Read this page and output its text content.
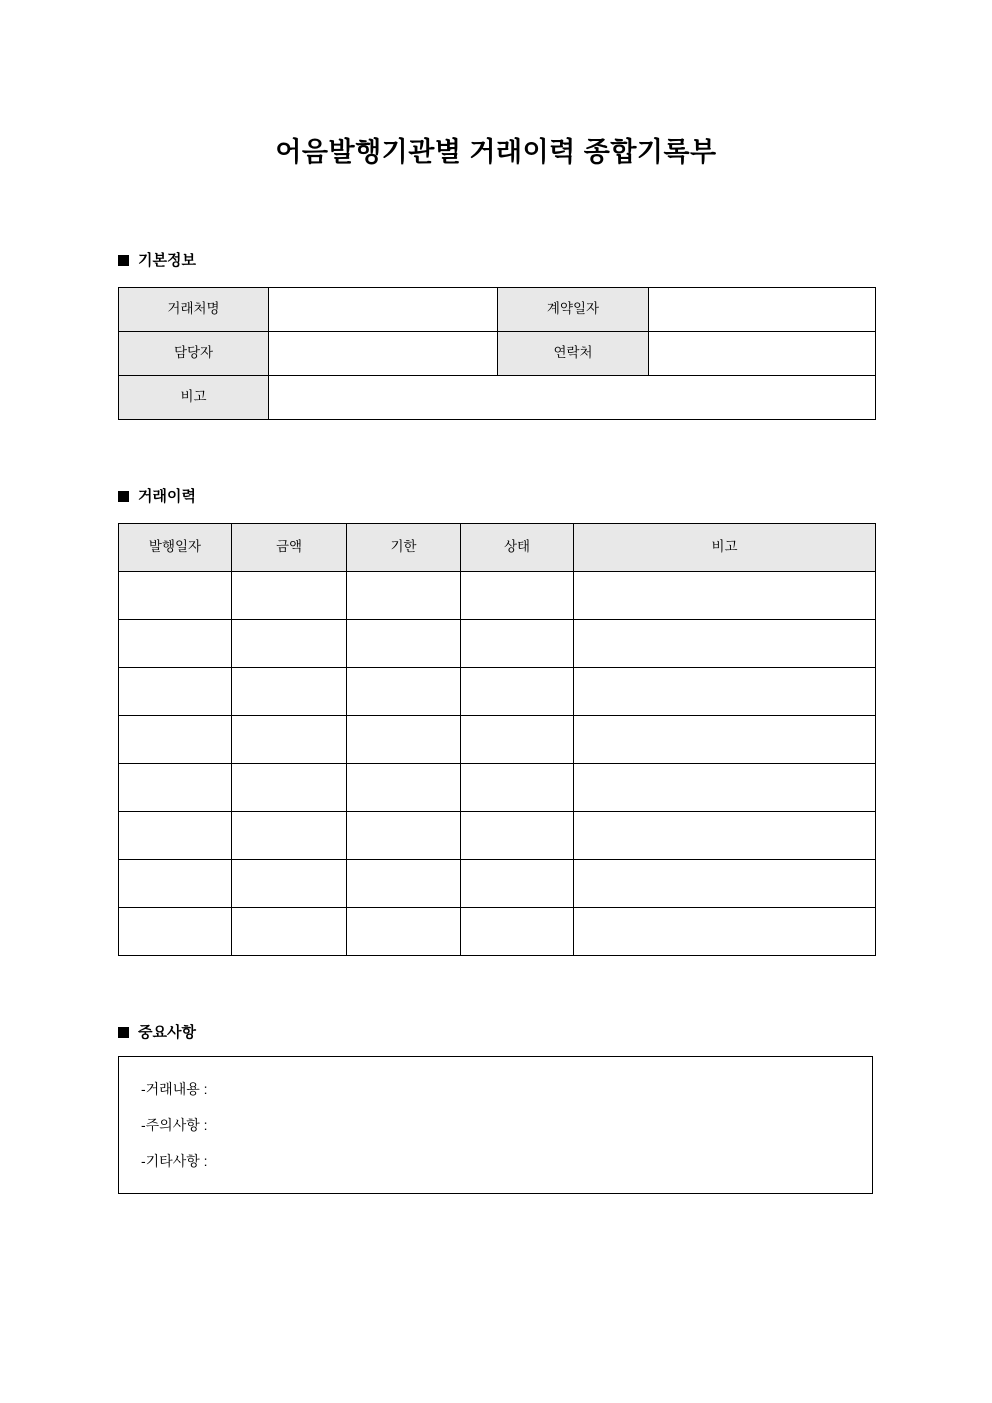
어음발행기관별 거래이력 종합기록부
기본정보
거래처명		계약일자	
담당자		연락처	
비고			
거래이력
발행일자	금액	기한	상태	비고

중요사항
-거래내용 :
-주의사항 :
-기타사항 :
